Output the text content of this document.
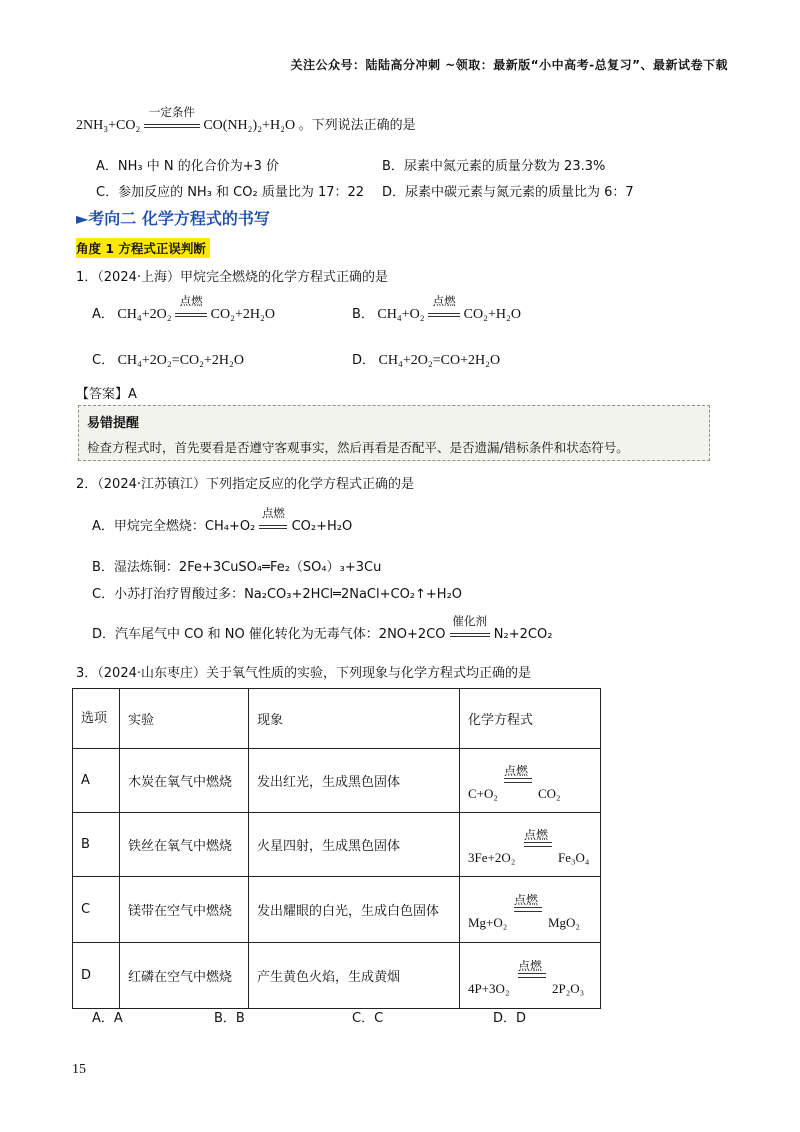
关注公众号：陆陆高分冲刺 ~领取：最新版“小中高考-总复习”、最新试卷下载
2NH₃+CO₂
一定条件
CO(NH₂)₂+H₂O 。下列说法正确的是
A．NH₃ 中 N 的化合价为+3 价	B．尿素中氮元素的质量分数为 23.3%
C．参加反应的 NH₃ 和 CO₂ 质量比为 17：22 D．尿素中碳元素与氮元素的质量比为 6：7
►考向二 化学方程式的书写
角度 1 方程式正误判断
1．（2024·上海）甲烷完全燃烧的化学方程式正确的是
A． CH₄+2O₂
点燃
CO₂+2H₂O	B． CH₄+O₂
点燃
CO₂+H₂O
C． CH₄+2O₂=CO₂+2H₂O	D． CH₄+2O₂=CO+2H₂O
【答案】A
易错提醒
检查方程式时，首先要看是否遵守客观事实，然后再看是否配平、是否遗漏/错标条件和状态符号。
2．（2024·江苏镇江）下列指定反应的化学方程式正确的是
A．甲烷完全燃烧：CH₄+O₂
点燃
CO₂+H₂O
B．湿法炼铜：2Fe+3CuSO₄═Fe₂（SO₄）₃+3Cu
C．小苏打治疗胃酸过多：Na₂CO₃+2HCl═2NaCl+CO₂↑+H₂O
D．汽车尾气中 CO 和 NO 催化转化为无毒气体：2NO+2CO
催化剂
N₂+2CO₂
3．（2024·山东枣庄）关于氧气性质的实验，下列现象与化学方程式均正确的是
选项	实验	现象	化学方程式
A	木炭在氧气中燃烧	发出红光，生成黑色固体	点燃
C+O₂ CO₂

B	铁丝在氧气中燃烧	火星四射，生成黑色固体	点燃
3Fe+2O₂ Fe₃O₄

C	镁带在空气中燃烧	发出耀眼的白光，生成白色固体	点燃
Mg+O₂ MgO₂

D	红磷在空气中燃烧	产生黄色火焰，生成黄烟	点燃
4P+3O₂ 2P₂O₃
A．A	B．B	C．C	D．D
15
